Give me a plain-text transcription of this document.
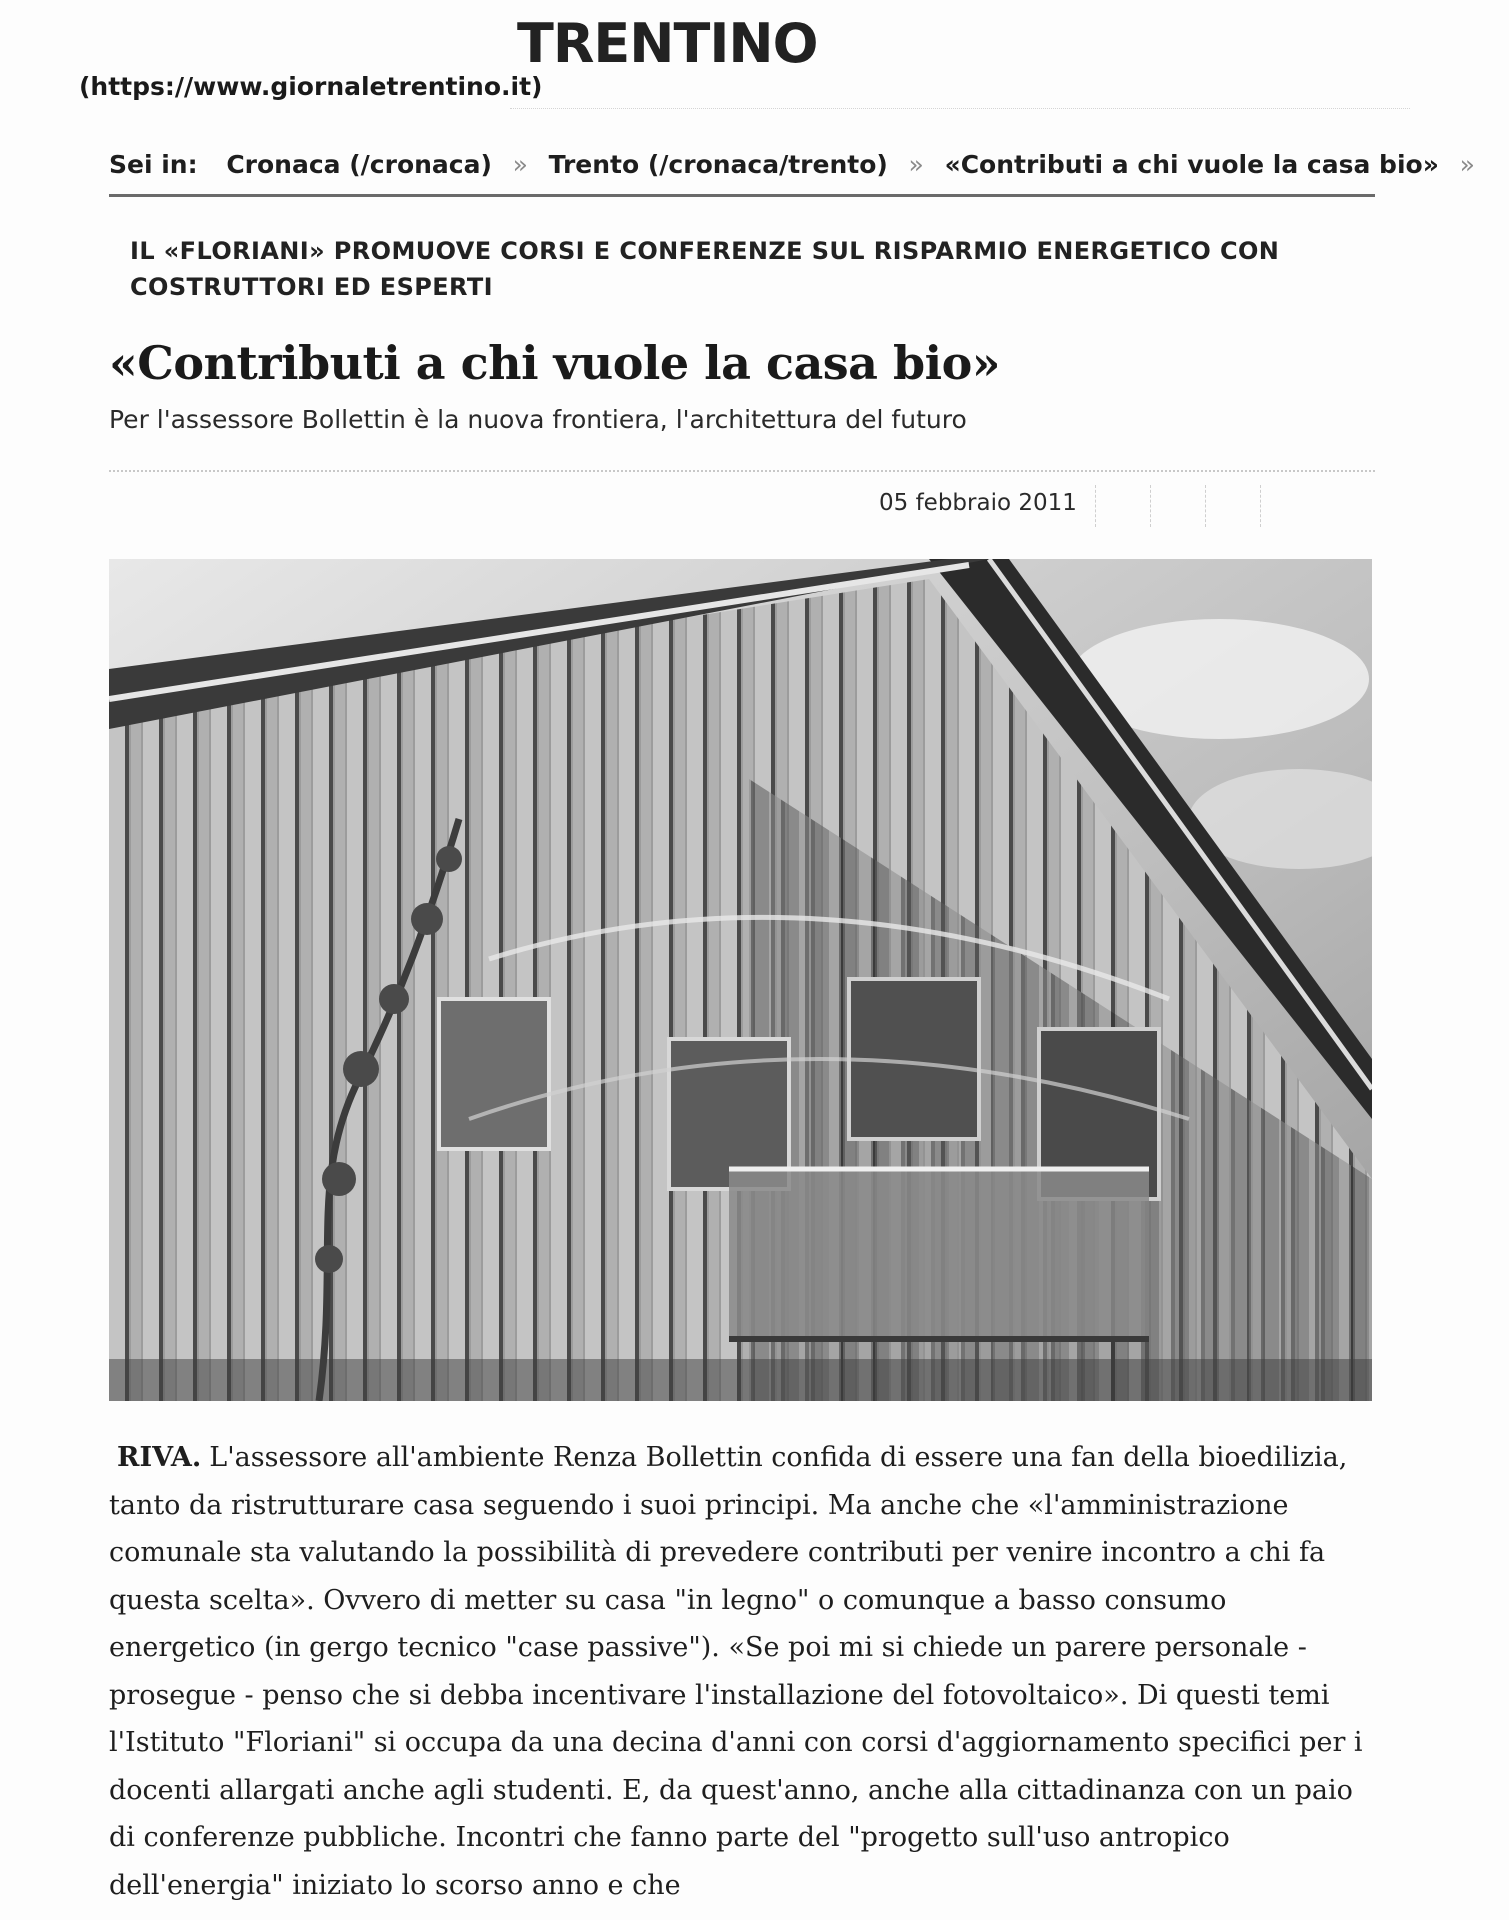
TRENTINO
(https://www.giornaletrentino.it)
Sei in: Cronaca (/cronaca) » Trento (/cronaca/trento) » «Contributi a chi vuole la casa bio» »
IL «FLORIANI» PROMUOVE CORSI E CONFERENZE SUL RISPARMIO ENERGETICO CON COSTRUTTORI ED ESPERTI
«Contributi a chi vuole la casa bio»
Per l'assessore Bollettin è la nuova frontiera, l'architettura del futuro
05 febbraio 2011

RIVA. L'assessore all'ambiente Renza Bollettin confida di essere una fan della bioedilizia, tanto da ristrutturare casa seguendo i suoi principi. Ma anche che «l'amministrazione comunale sta valutando la possibilità di prevedere contributi per venire incontro a chi fa questa scelta». Ovvero di metter su casa "in legno" o comunque a basso consumo energetico (in gergo tecnico "case passive"). «Se poi mi si chiede un parere personale - prosegue - penso che si debba incentivare l'installazione del fotovoltaico». Di questi temi l'Istituto "Floriani" si occupa da una decina d'anni con corsi d'aggiornamento specifici per i docenti allargati anche agli studenti. E, da quest'anno, anche alla cittadinanza con un paio di conferenze pubbliche. Incontri che fanno parte del "progetto sull'uso antropico dell'energia" iniziato lo scorso anno e che
